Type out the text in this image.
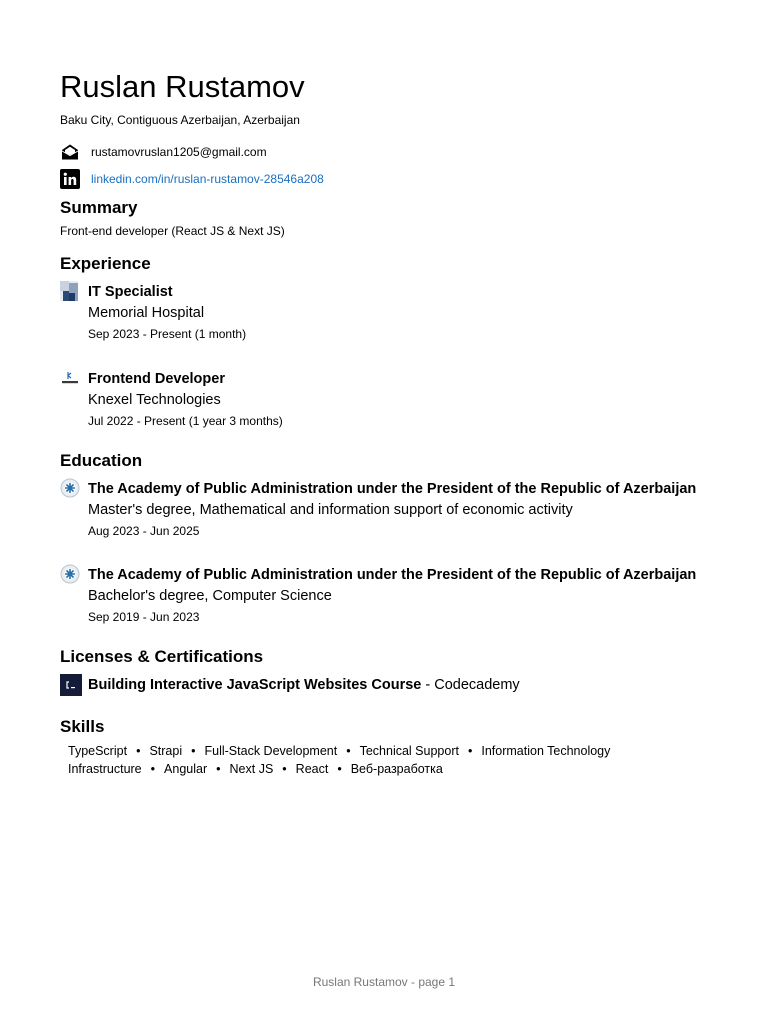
Ruslan Rustamov
Baku City, Contiguous Azerbaijan, Azerbaijan
rustamovruslan1205@gmail.com
linkedin.com/in/ruslan-rustamov-28546a208
Summary
Front-end developer (React JS & Next JS)
Experience
IT Specialist
Memorial Hospital
Sep 2023 - Present (1 month)
Frontend Developer
Knexel Technologies
Jul 2022 - Present (1 year 3 months)
Education
The Academy of Public Administration under the President of the Republic of Azerbaijan
Master's degree, Mathematical and information support of economic activity
Aug 2023 - Jun 2025
The Academy of Public Administration under the President of the Republic of Azerbaijan
Bachelor's degree, Computer Science
Sep 2019 - Jun 2023
Licenses & Certifications
Building Interactive JavaScript Websites Course - Codecademy
Skills
TypeScript • Strapi • Full-Stack Development • Technical Support • Information Technology Infrastructure • Angular • Next JS • React • Веб-разработка
Ruslan Rustamov - page 1
